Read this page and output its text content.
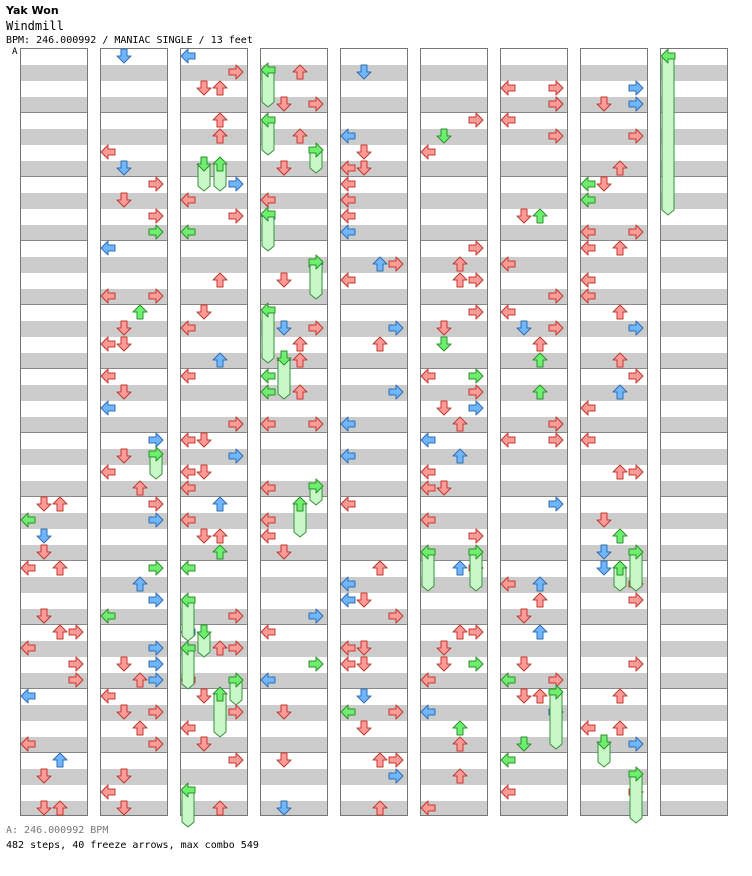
Yak Won
Windmill
BPM: 246.000992 / MANIAC SINGLE / 13 feet
A
A: 246.000992 BPM
482 steps, 40 freeze arrows, max combo 549
